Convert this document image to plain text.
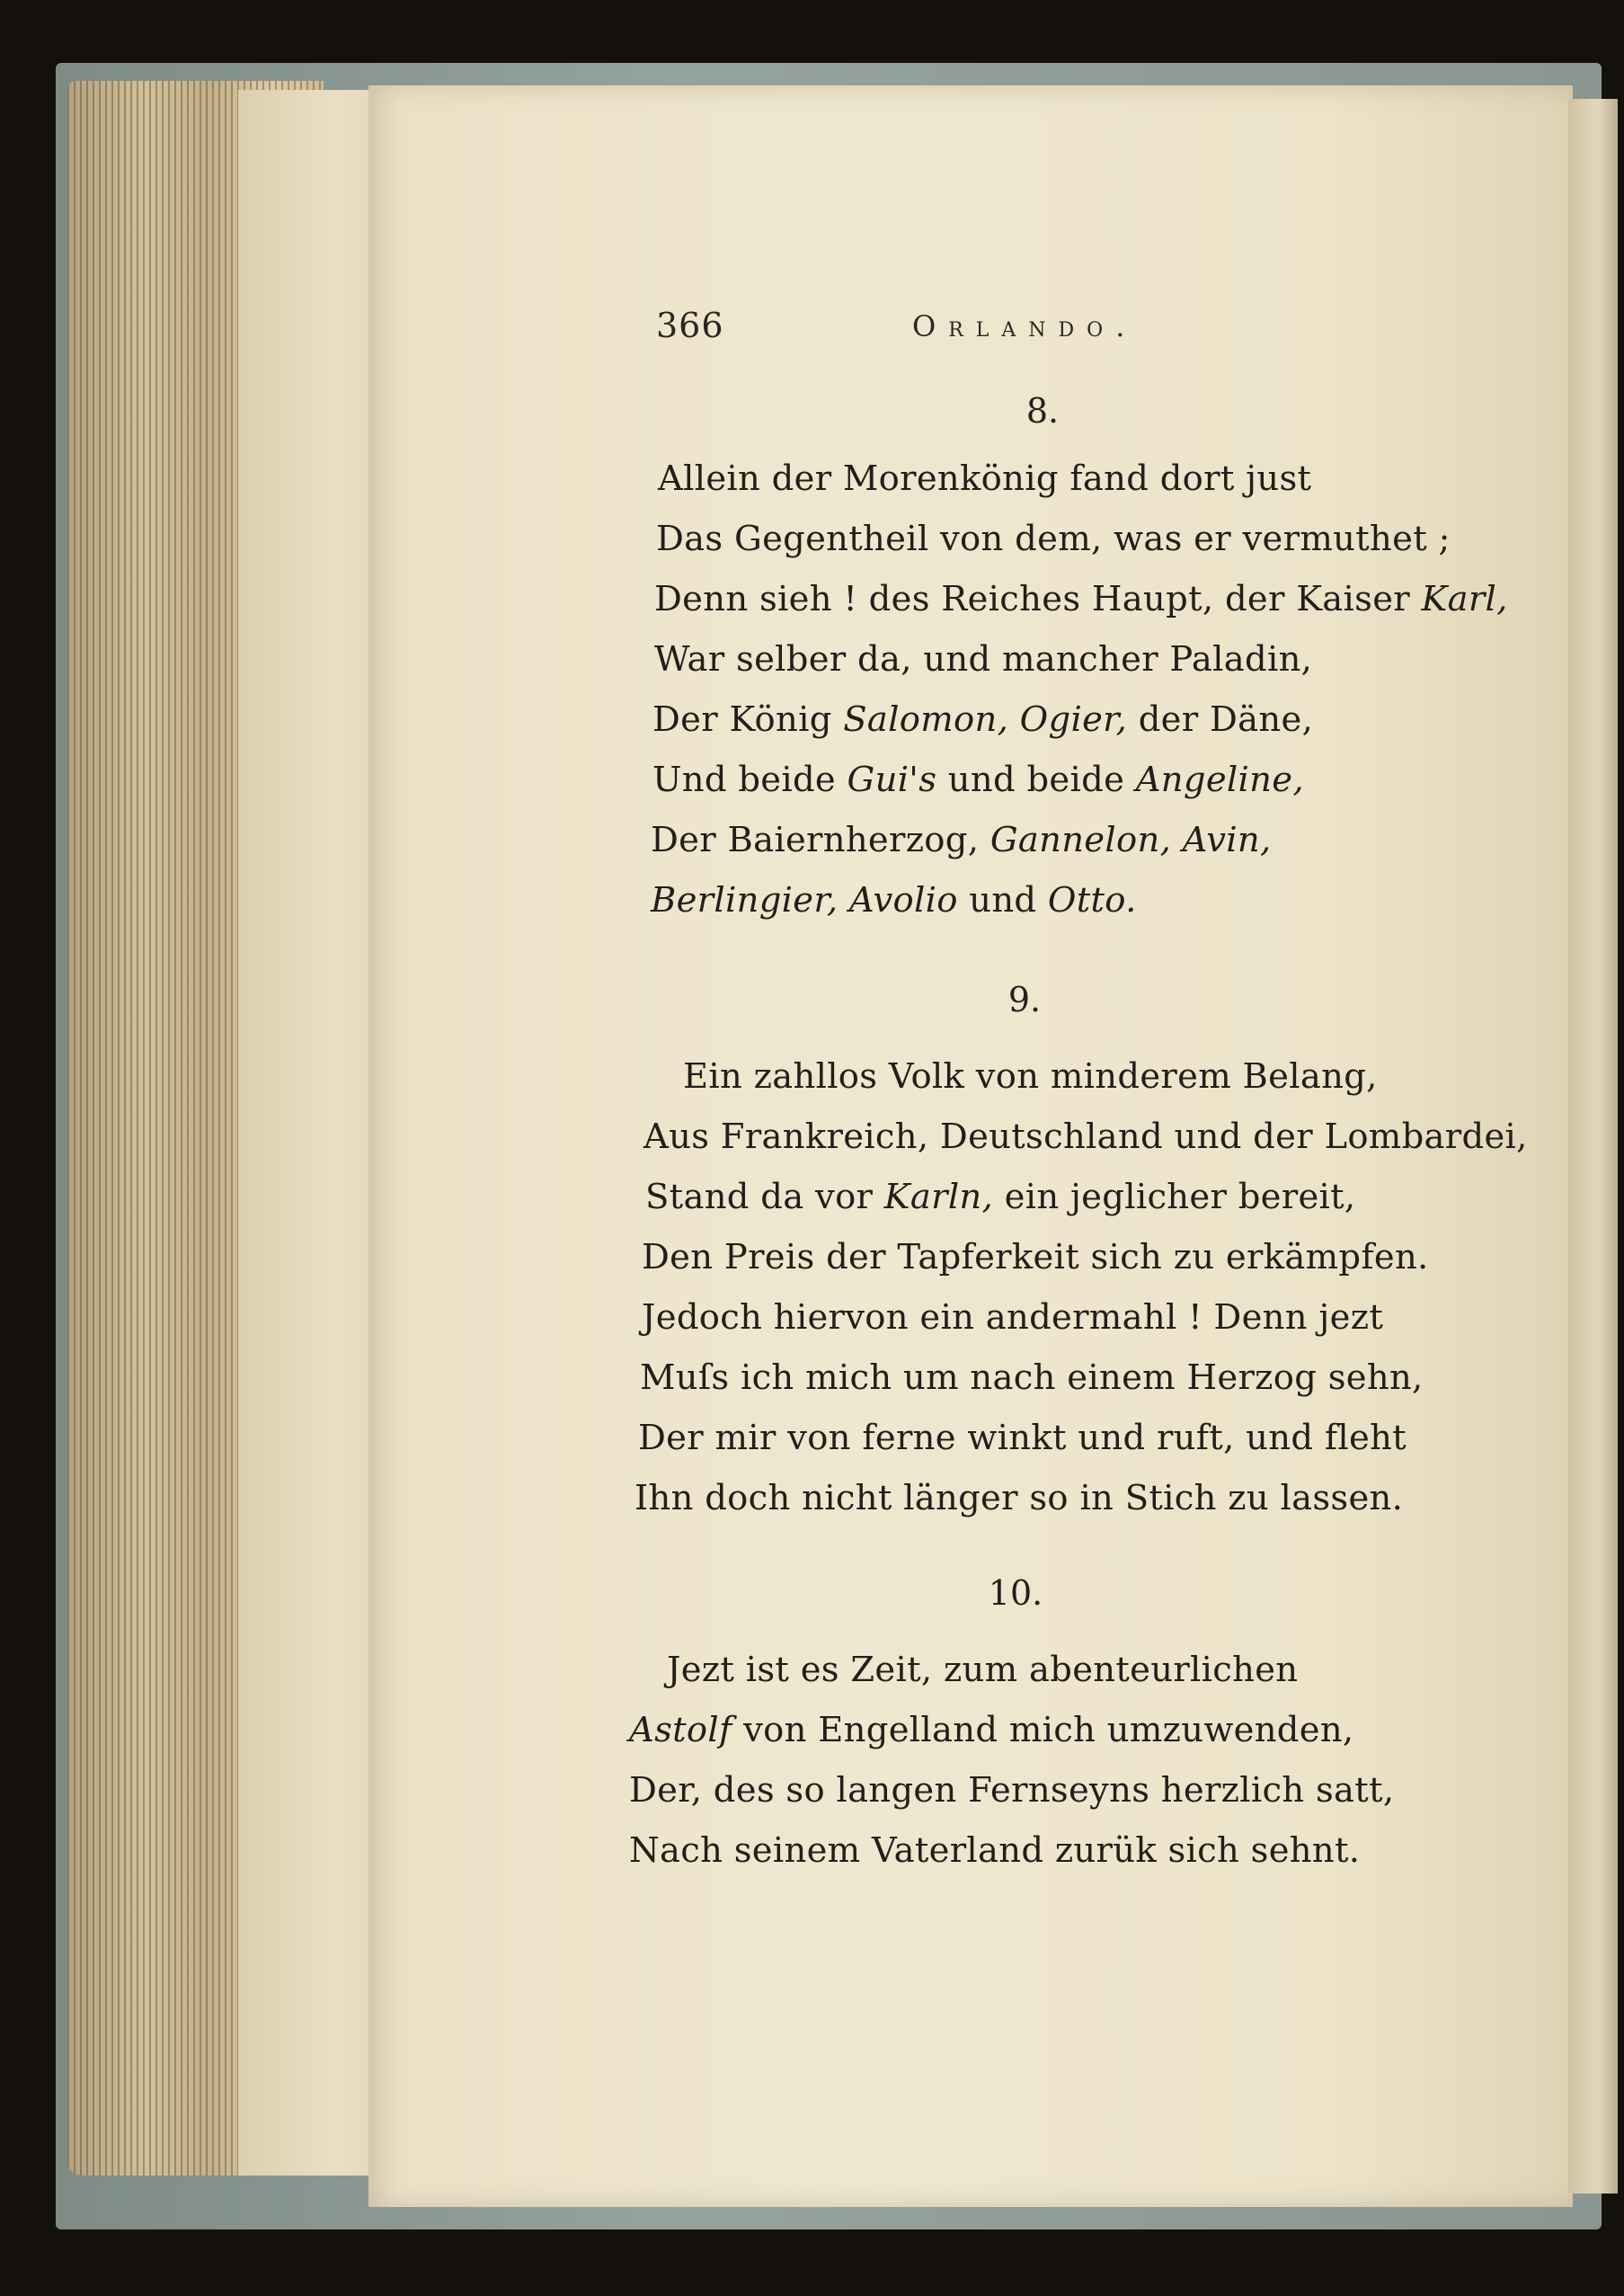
366	Orlando.
8.
Allein der Morenkönig fand dort just
Das Gegentheil von dem, was er vermuthet ;
Denn sieh ! des Reiches Haupt, der Kaiser Karl,
War selber da, und mancher Paladin,
Der König Salomon, Ogier, der Däne,
Und beide Gui's und beide Angeline,
Der Baiernherzog, Gannelon, Avin,
Berlingier, Avolio und Otto.
9.
Ein zahllos Volk von minderem Belang,
Aus Frankreich, Deutschland und der Lombardei,
Stand da vor Karln, ein jeglicher bereit,
Den Preis der Tapferkeit sich zu erkämpfen.
Jedoch hiervon ein andermahl ! Denn jezt
Muſs ich mich um nach einem Herzog sehn,
Der mir von ferne winkt und ruft, und fleht
Ihn doch nicht länger so in Stich zu lassen.
10.
Jezt ist es Zeit, zum abenteurlichen
Astolf von Engelland mich umzuwenden,
Der, des so langen Fernseyns herzlich satt,
Nach seinem Vaterland zurük sich sehnt.
